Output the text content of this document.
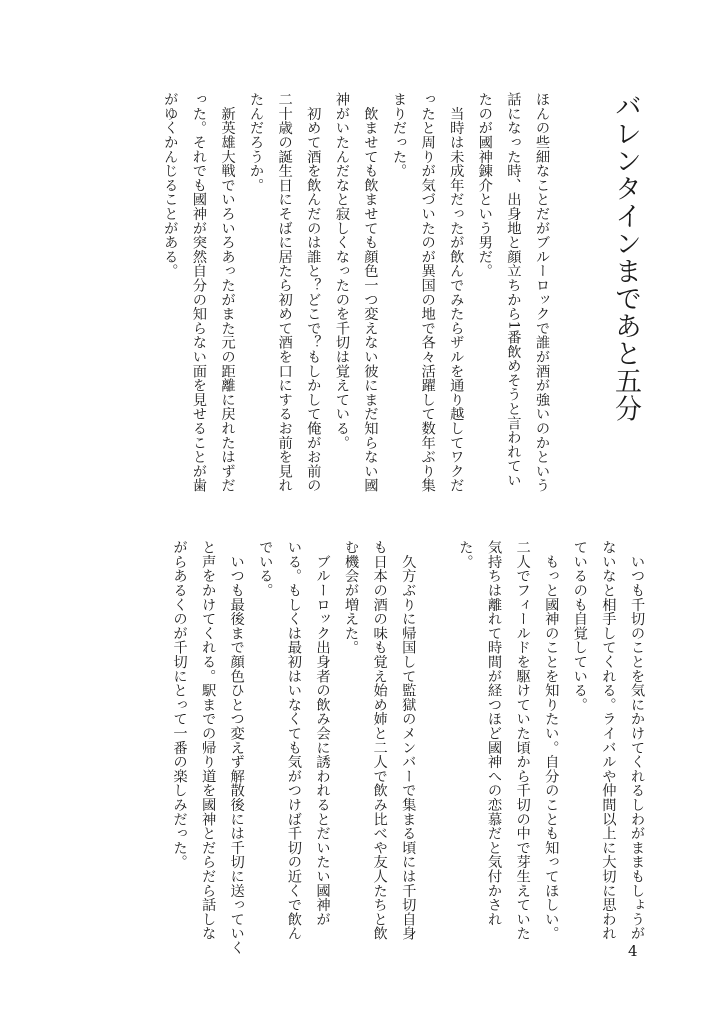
バレンタインまであと五分

ほんの些細なことだがブルーロックで誰が酒が強いのかという

話になった時、出身地と顔立ちから1番飲めそうと言われてい

たのが國神錬介という男だ。

　当時は未成年だったが飲んでみたらザルを通り越してワクだ

ったと周りが気づいたのが異国の地で各々活躍して数年ぶり集

まりだった。

　飲ませても飲ませても顔色一つ変えない彼にまだ知らない國

神がいたんだなと寂しくなったのを千切は覚えている。

　初めて酒を飲んだのは誰と？どこで？もしかして俺がお前の

二十歳の誕生日にそばに居たら初めて酒を口にするお前を見れ

たんだろうか。

　新英雄大戦でいろいろあったがまた元の距離に戻れたはずだ

った。それでも國神が突然自分の知らない面を見せることが歯

がゆくかんじることがある。

　いつも千切のことを気にかけてくれるしわがままもしょうが

ないなと相手してくれる。ライバルや仲間以上に大切に思われ

ているのも自覚している。

　もっと國神のことを知りたい。自分のことも知ってほしい。

二人でフィールドを駆けていた頃から千切の中で芽生えていた

気持ちは離れて時間が経つほど國神への恋慕だと気付かされ

た。

　久方ぶりに帰国して監獄のメンバーで集まる頃には千切自身

も日本の酒の味も覚え始め姉と二人で飲み比べや友人たちと飲

む機会が増えた。

　ブルーロック出身者の飲み会に誘われるとだいたい國神が

いる。もしくは最初はいなくても気がつけば千切の近くで飲ん

でいる。

　いつも最後まで顔色ひとつ変えず解散後には千切に送っていく

と声をかけてくれる。駅までの帰り道を國神とだらだら話しな

がらあるくのが千切にとって一番の楽しみだった。

4
